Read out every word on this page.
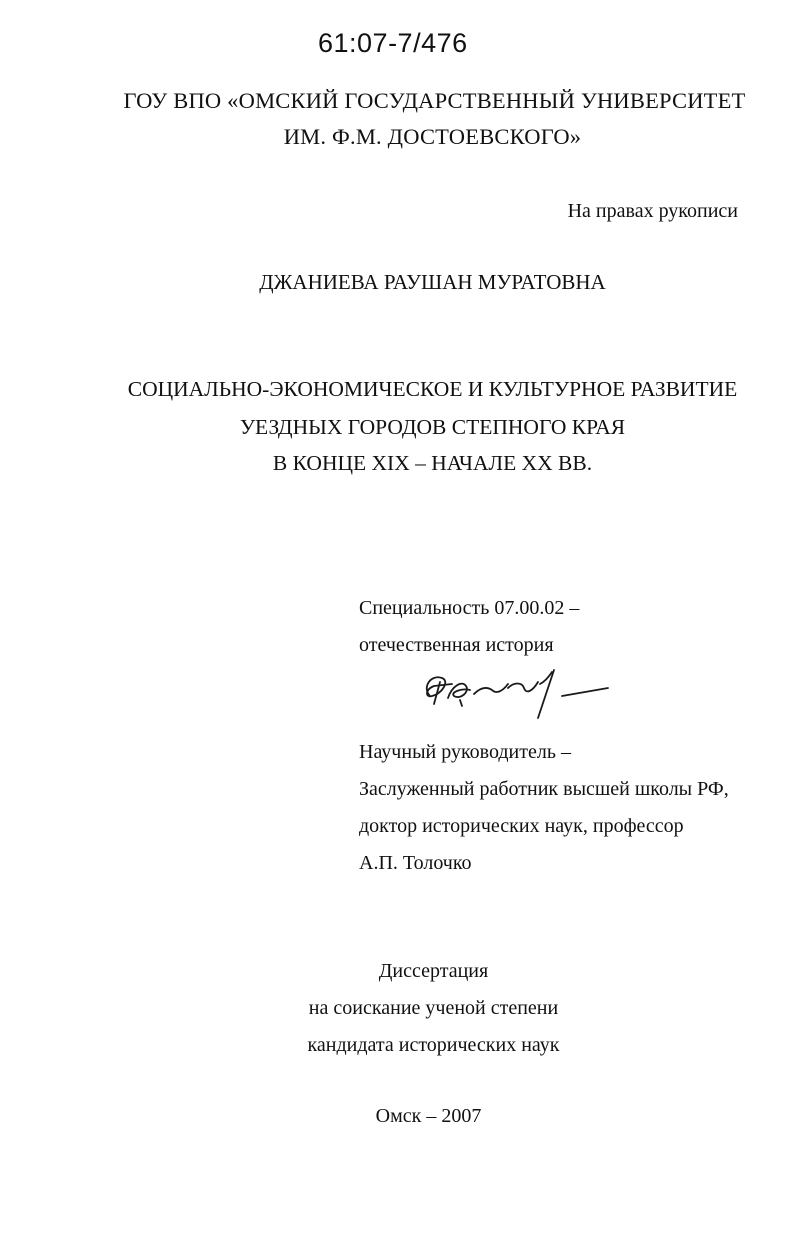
61:07-7/476
ГОУ ВПО «ОМСКИЙ ГОСУДАРСТВЕННЫЙ УНИВЕРСИТЕТ
ИМ. Ф.М. ДОСТОЕВСКОГО»
На правах рукописи
ДЖАНИЕВА РАУШАН МУРАТОВНА
СОЦИАЛЬНО-ЭКОНОМИЧЕСКОЕ И КУЛЬТУРНОЕ РАЗВИТИЕ
УЕЗДНЫХ ГОРОДОВ СТЕПНОГО КРАЯ
В КОНЦЕ XIX – НАЧАЛЕ XX ВВ.
Специальность 07.00.02 –
отечественная история
Научный руководитель –
Заслуженный работник высшей школы РФ,
доктор исторических наук, профессор
А.П. Толочко
Диссертация
на соискание ученой степени
кандидата исторических наук
Омск – 2007
